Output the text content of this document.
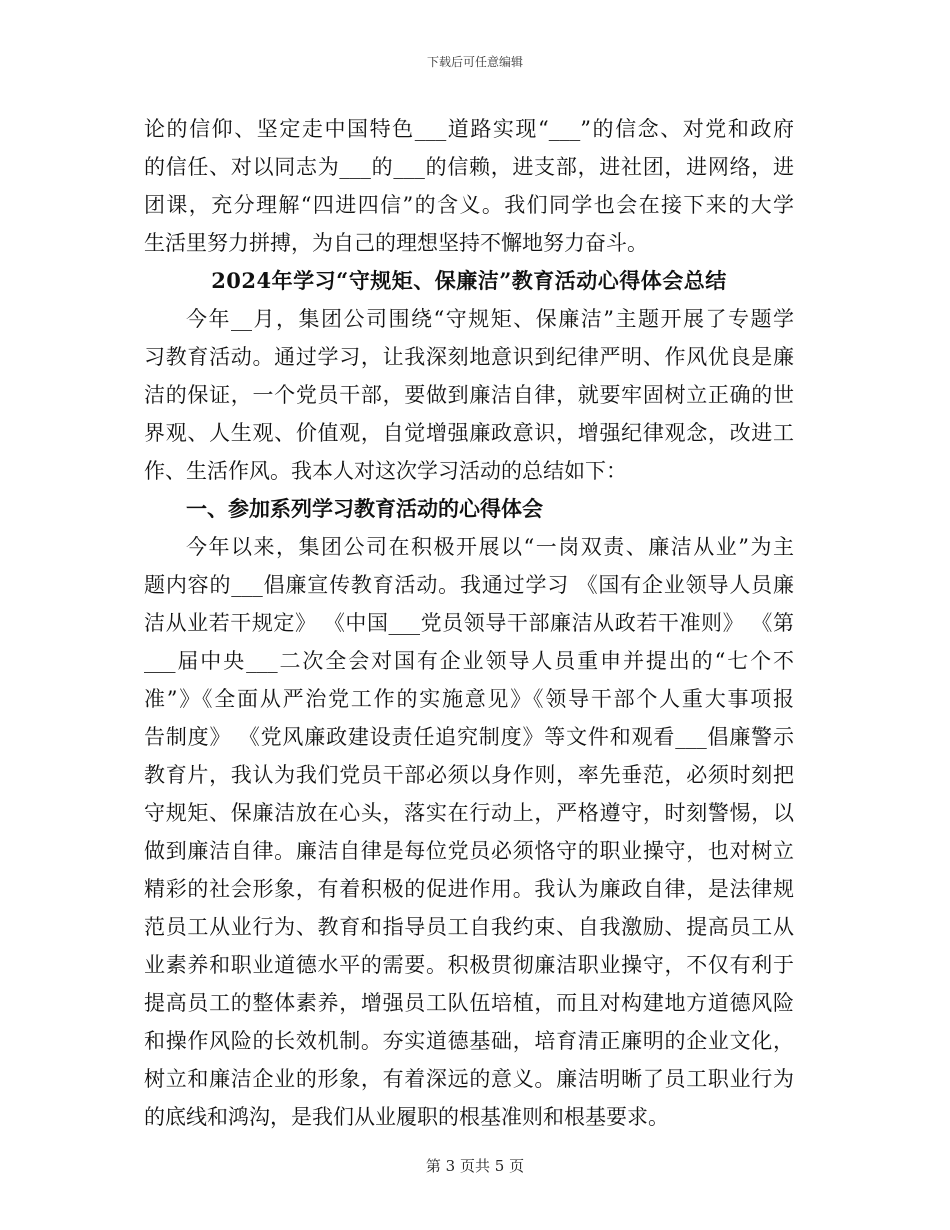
下载后可任意编辑
论的信仰、坚定走中国特色___道路实现“___”的信念、对党和政府
的信任、对以同志为___的___的信赖，进支部，进社团，进网络，进
团课，充分理解“四进四信”的含义。我们同学也会在接下来的大学
生活里努力拼搏，为自己的理想坚持不懈地努力奋斗。
2024年学习“守规矩、保廉洁”教育活动心得体会总结
今年__月，集团公司围绕“守规矩、保廉洁”主题开展了专题学
习教育活动。通过学习，让我深刻地意识到纪律严明、作风优良是廉
洁的保证，一个党员干部，要做到廉洁自律，就要牢固树立正确的世
界观、人生观、价值观，自觉增强廉政意识，增强纪律观念，改进工
作、生活作风。我本人对这次学习活动的总结如下：
一、参加系列学习教育活动的心得体会
今年以来，集团公司在积极开展以“一岗双责、廉洁从业”为主
题内容的___倡廉宣传教育活动。我通过学习 《国有企业领导人员廉
洁从业若干规定》 《中国___党员领导干部廉洁从政若干准则》 《第
___届中央___二次全会对国有企业领导人员重申并提出的“七个不
准”》《全面从严治党工作的实施意见》《领导干部个人重大事项报
告制度》 《党风廉政建设责任追究制度》等文件和观看___倡廉警示
教育片，我认为我们党员干部必须以身作则，率先垂范，必须时刻把
守规矩、保廉洁放在心头，落实在行动上，严格遵守，时刻警惕，以
做到廉洁自律。廉洁自律是每位党员必须恪守的职业操守，也对树立
精彩的社会形象，有着积极的促进作用。我认为廉政自律，是法律规
范员工从业行为、教育和指导员工自我约束、自我激励、提高员工从
业素养和职业道德水平的需要。积极贯彻廉洁职业操守，不仅有利于
提高员工的整体素养，增强员工队伍培植，而且对构建地方道德风险
和操作风险的长效机制。夯实道德基础，培育清正廉明的企业文化，
树立和廉洁企业的形象，有着深远的意义。廉洁明晰了员工职业行为
的底线和鸿沟，是我们从业履职的根基准则和根基要求。
第 3 页共 5 页
